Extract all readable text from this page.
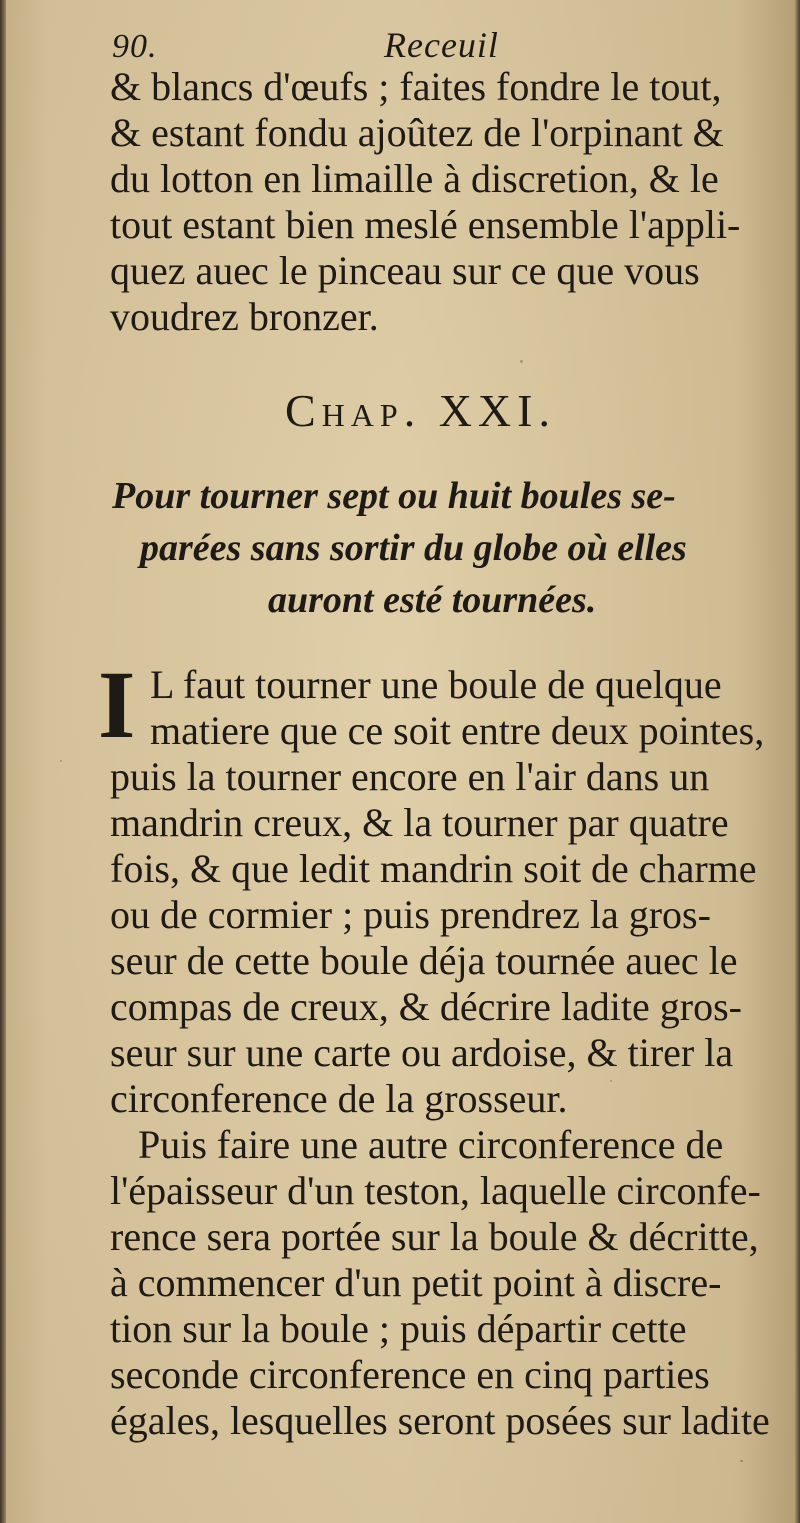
90.	Receuil
& blancs d'œufs ; faites fondre le tout,
& estant fondu ajoûtez de l'orpinant &
du lotton en limaille à discretion, & le
tout estant bien meslé ensemble l'appli-
quez auec le pinceau sur ce que vous
voudrez bronzer.
Chap. XXI.
Pour tourner sept ou huit boules se-
parées sans sortir du globe où elles
auront esté tournées.
I L faut tourner une boule de quelque
matiere que ce soit entre deux pointes,
puis la tourner encore en l'air dans un
mandrin creux, & la tourner par quatre
fois, & que ledit mandrin soit de charme
ou de cormier ; puis prendrez la gros-
seur de cette boule déja tournée auec le
compas de creux, & décrire ladite gros-
seur sur une carte ou ardoise, & tirer la
circonference de la grosseur.
Puis faire une autre circonference de
l'épaisseur d'un teston, laquelle circonfe-
rence sera portée sur la boule & décritte,
à commencer d'un petit point à discre-
tion sur la boule ; puis départir cette
seconde circonference en cinq parties
égales, lesquelles seront posées sur ladite
